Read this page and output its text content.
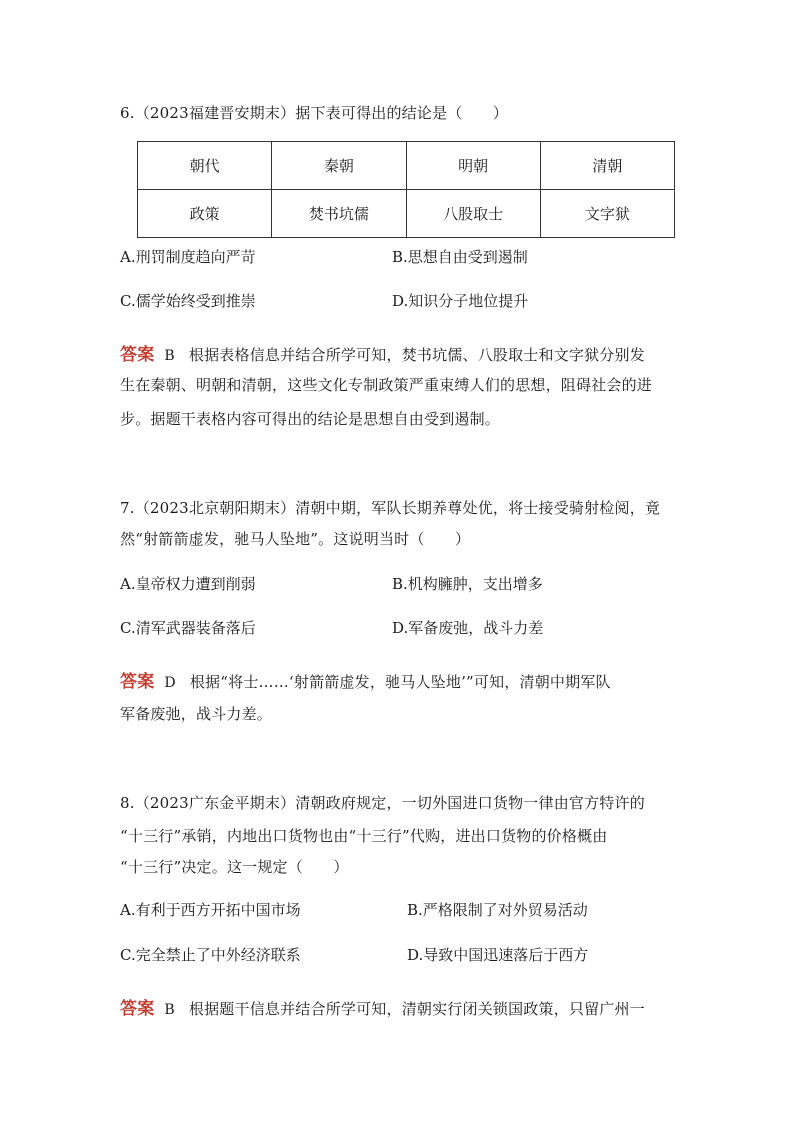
6.（2023福建晋安期末）据下表可得出的结论是（　　）
朝代	秦朝	明朝	清朝
政策	焚书坑儒	八股取士	文字狱
A.刑罚制度趋向严苛	B.思想自由受到遏制
C.儒学始终受到推崇	D.知识分子地位提升
答案 B 根据表格信息并结合所学可知，焚书坑儒、八股取士和文字狱分别发
生在秦朝、明朝和清朝，这些文化专制政策严重束缚人们的思想，阻碍社会的进
步。据题干表格内容可得出的结论是思想自由受到遏制。
7.（2023北京朝阳期末）清朝中期，军队长期养尊处优，将士接受骑射检阅，竟
然“射箭箭虚发，驰马人坠地”。这说明当时（　　）
A.皇帝权力遭到削弱	B.机构臃肿，支出增多
C.清军武器装备落后	D.军备废弛，战斗力差
答案 D 根据“将士……‘射箭箭虚发，驰马人坠地’”可知，清朝中期军队
军备废弛，战斗力差。
8.（2023广东金平期末）清朝政府规定，一切外国进口货物一律由官方特许的
“十三行”承销，内地出口货物也由“十三行”代购，进出口货物的价格概由
“十三行”决定。这一规定（　　）
A.有利于西方开拓中国市场	B.严格限制了对外贸易活动
C.完全禁止了中外经济联系	D.导致中国迅速落后于西方
答案 B 根据题干信息并结合所学可知，清朝实行闭关锁国政策，只留广州一
